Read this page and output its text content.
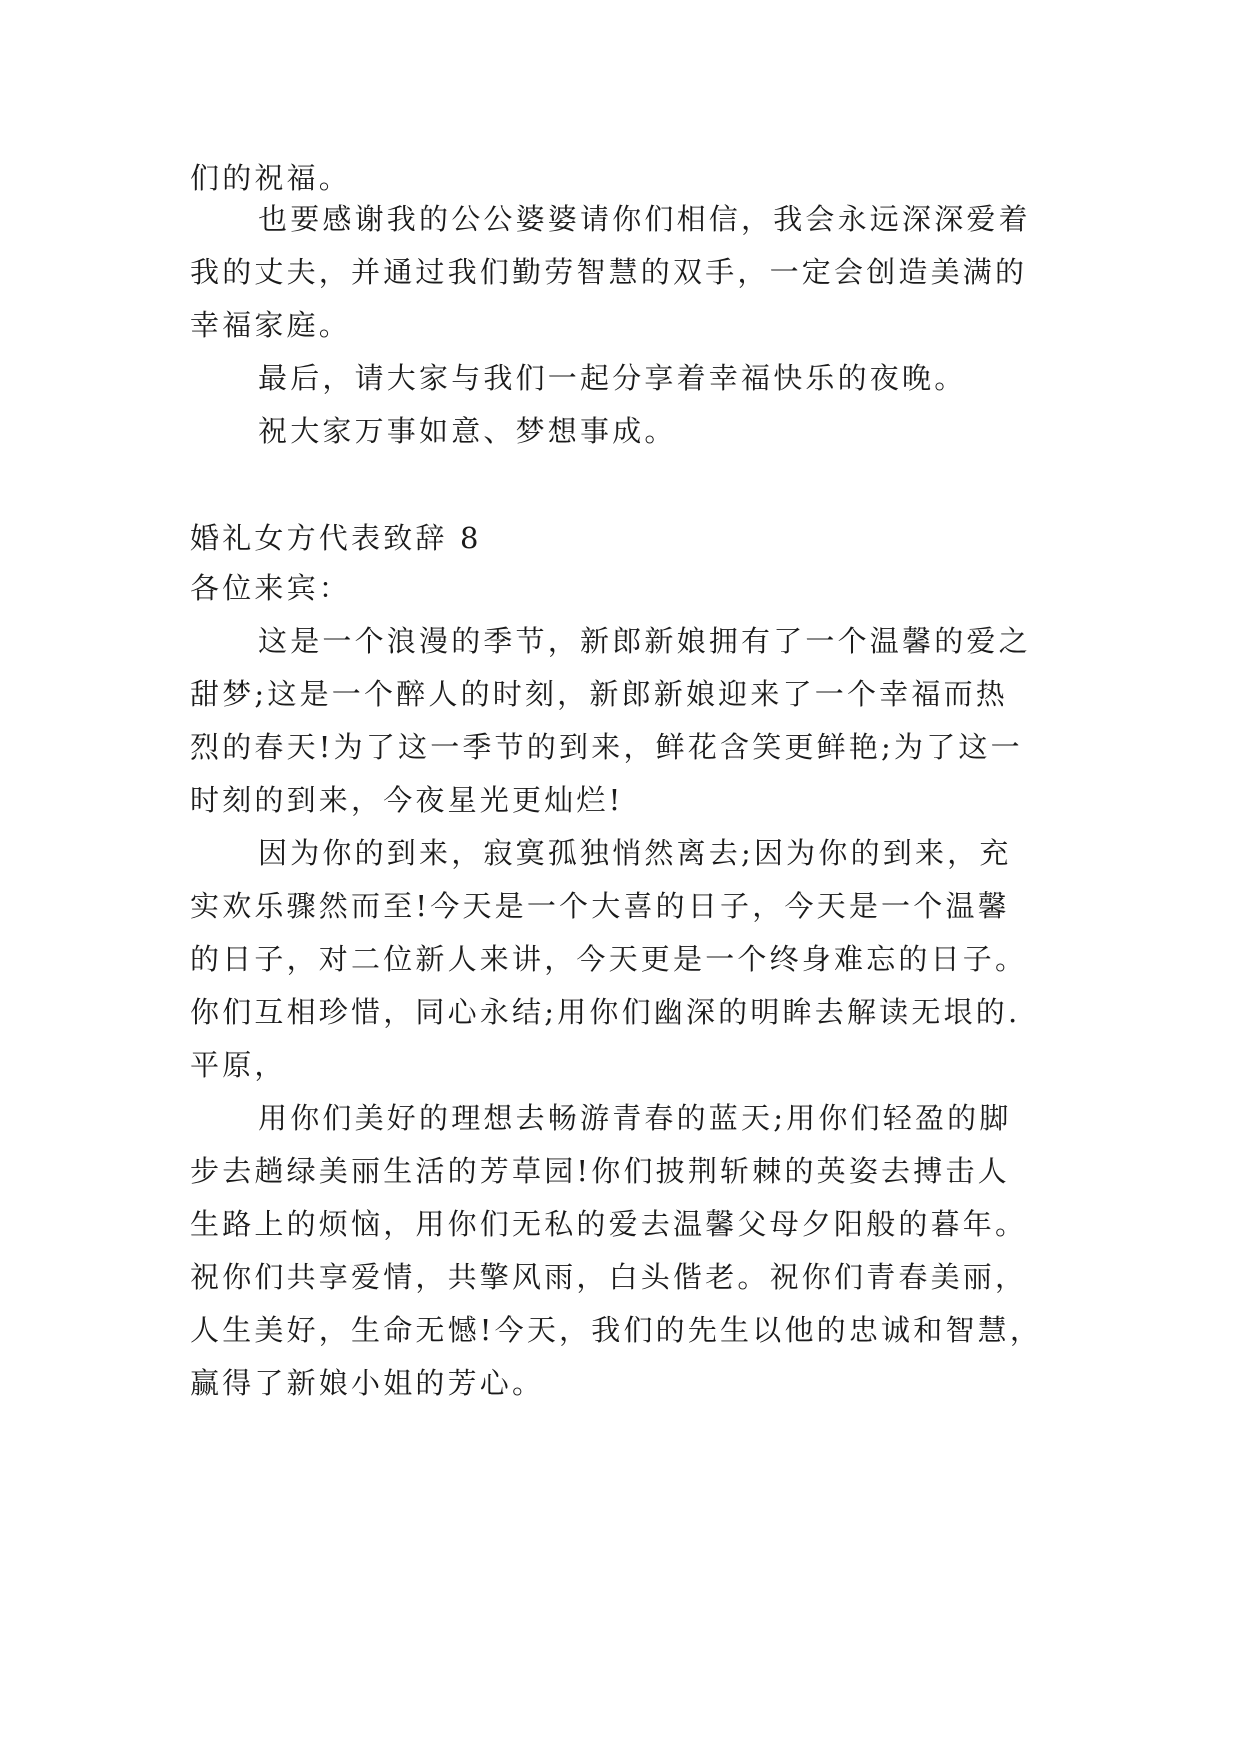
们的祝福。
也要感谢我的公公婆婆请你们相信，我会永远深深爱着
我的丈夫，并通过我们勤劳智慧的双手，一定会创造美满的
幸福家庭。
最后，请大家与我们一起分享着幸福快乐的夜晚。
祝大家万事如意、梦想事成。
婚礼女方代表致辞 8
各位来宾：
这是一个浪漫的季节，新郎新娘拥有了一个温馨的爱之
甜梦;这是一个醉人的时刻，新郎新娘迎来了一个幸福而热
烈的春天!为了这一季节的到来，鲜花含笑更鲜艳;为了这一
时刻的到来，今夜星光更灿烂!
因为你的到来，寂寞孤独悄然离去;因为你的到来，充
实欢乐骤然而至!今天是一个大喜的日子，今天是一个温馨
的日子，对二位新人来讲，今天更是一个终身难忘的日子。
你们互相珍惜，同心永结;用你们幽深的明眸去解读无垠的.
平原，
用你们美好的理想去畅游青春的蓝天;用你们轻盈的脚
步去趟绿美丽生活的芳草园!你们披荆斩棘的英姿去搏击人
生路上的烦恼，用你们无私的爱去温馨父母夕阳般的暮年。
祝你们共享爱情，共擎风雨，白头偕老。祝你们青春美丽，
人生美好，生命无憾!今天，我们的先生以他的忠诚和智慧，
赢得了新娘小姐的芳心。
